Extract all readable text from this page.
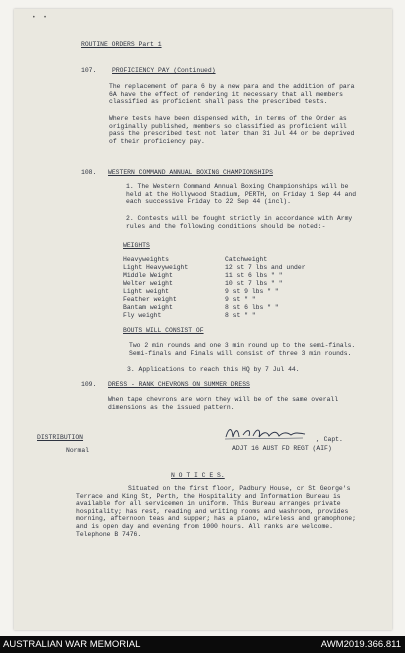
• •
ROUTINE ORDERS Part 1
107. PROFICIENCY PAY (Continued)
The replacement of para 6 by a new para and the addition of para 6A have the effect of rendering it necessary that all members classified as proficient shall pass the prescribed tests.
Where tests have been dispensed with, in terms of the Order as originally published, members so classified as proficient will pass the prescribed test not later than 31 Jul 44 or be deprived of their proficiency pay.
108. WESTERN COMMAND ANNUAL BOXING CHAMPIONSHIPS
1. The Western Command Annual Boxing Championships will be held at the Hollywood Stadium, PERTH, on Friday 1 Sep 44 and each successive Friday to 22 Sep 44 (incl).
2. Contests will be fought strictly in accordance with Army rules and the following conditions should be noted:-
WEIGHTS
Heavyweights	Catchweight
Light Heavyweight	12 st 7 lbs and under
Middle Weight	11 st 6 lbs " "
Welter weight	10 st 7 lbs " "
Light weight	9 st 9 lbs " "
Feather weight	9 st " "
Bantam weight	8 st 6 lbs " "
Fly weight	8 st " "
BOUTS WILL CONSIST OF
Two 2 min rounds and one 3 min round up to the semi-finals. Semi-finals and Finals will consist of three 3 min rounds.
3. Applications to reach this HQ by 7 Jul 44.
109. DRESS - RANK CHEVRONS ON SUMMER DRESS
When tape chevrons are worn they will be of the same overall dimensions as the issued pattern.
DISTRIBUTION
Normal
, Capt.
ADJT 16 AUST FD REGT (AIF)
N O T I C E S.
Situated on the first floor, Padbury House, cr St George's Terrace and King St, Perth, the Hospitality and Information Bureau is available for all servicemen in uniform. This Bureau arranges private hospitality; has rest, reading and writing rooms and washroom, provides morning, afternoon teas and supper; has a piano, wireless and gramophone; and is open day and evening from 1000 hours. All ranks are welcome. Telephone B 7476.
AUSTRALIAN WAR MEMORIAL	AWM2019.366.811
